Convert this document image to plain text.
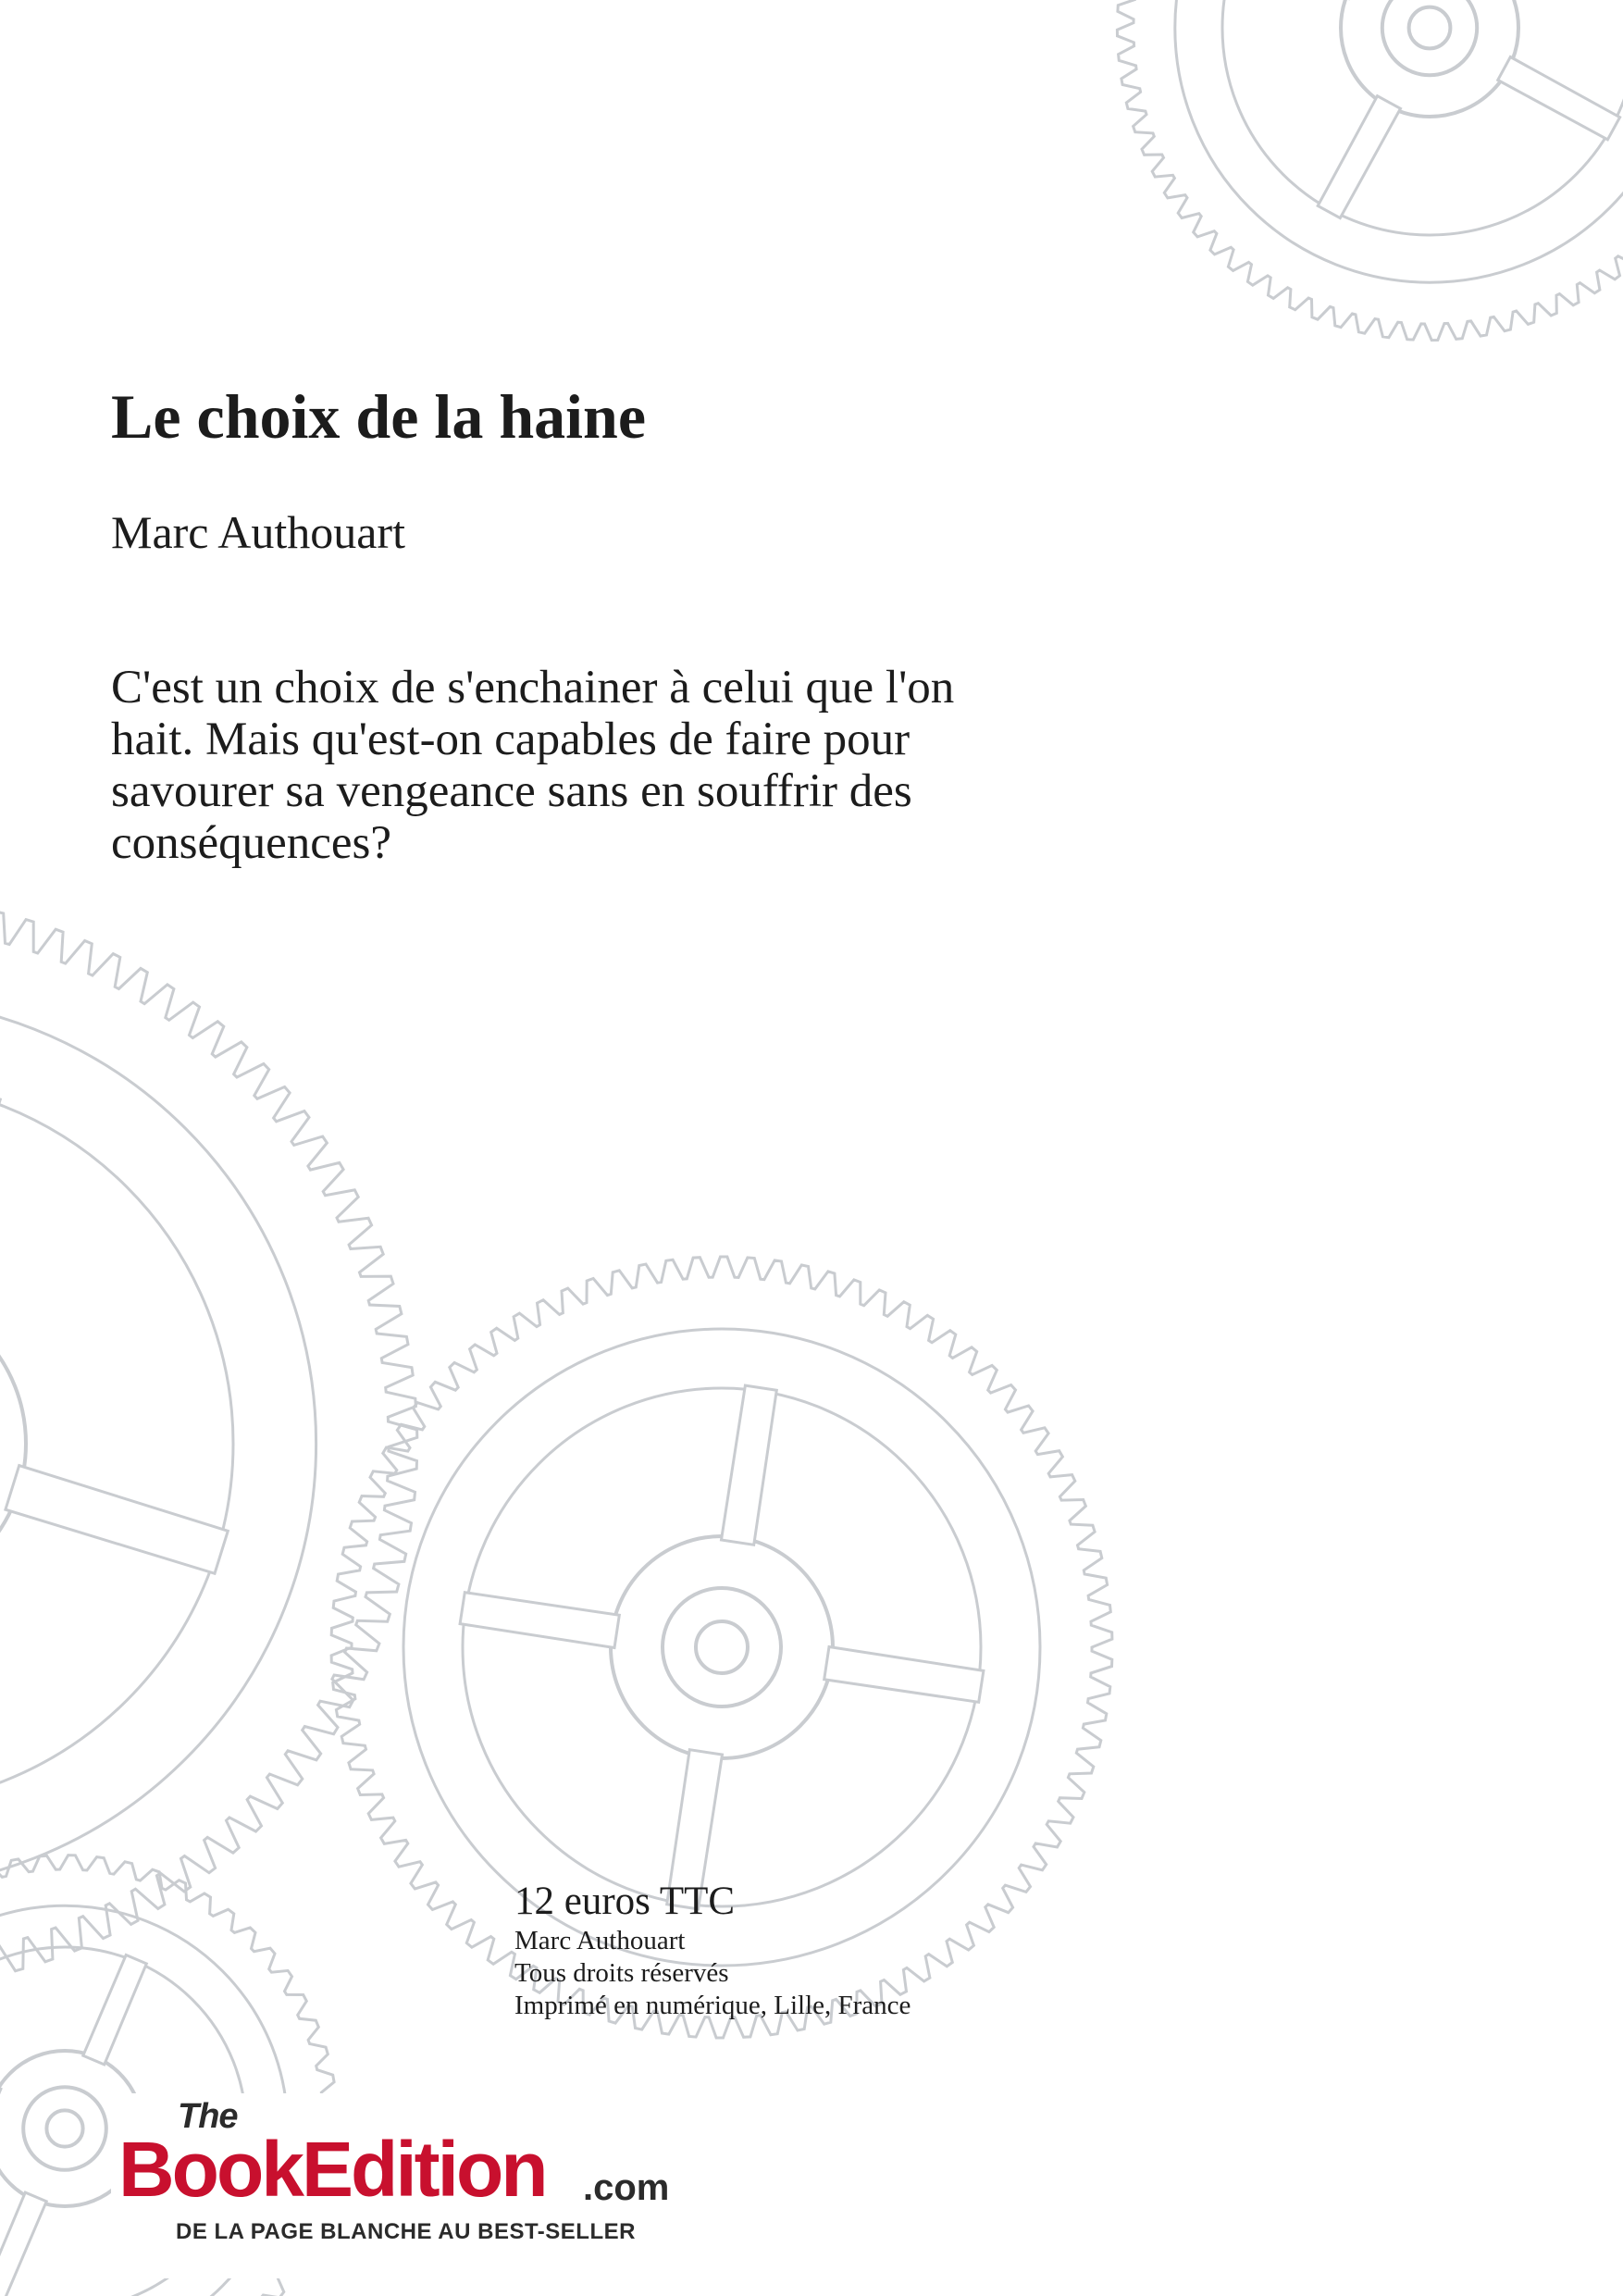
Le choix de la haine

Marc Authouart

C'est un choix de s'enchainer à celui que l'on
hait. Mais qu'est-on capables de faire pour
savourer sa vengeance sans en souffrir des
conséquences?
12 euros TTC
Marc Authouart
Tous droits réservés
Imprimé en numérique, Lille, France
The
BookEdition .com
DE LA PAGE BLANCHE AU BEST-SELLER
